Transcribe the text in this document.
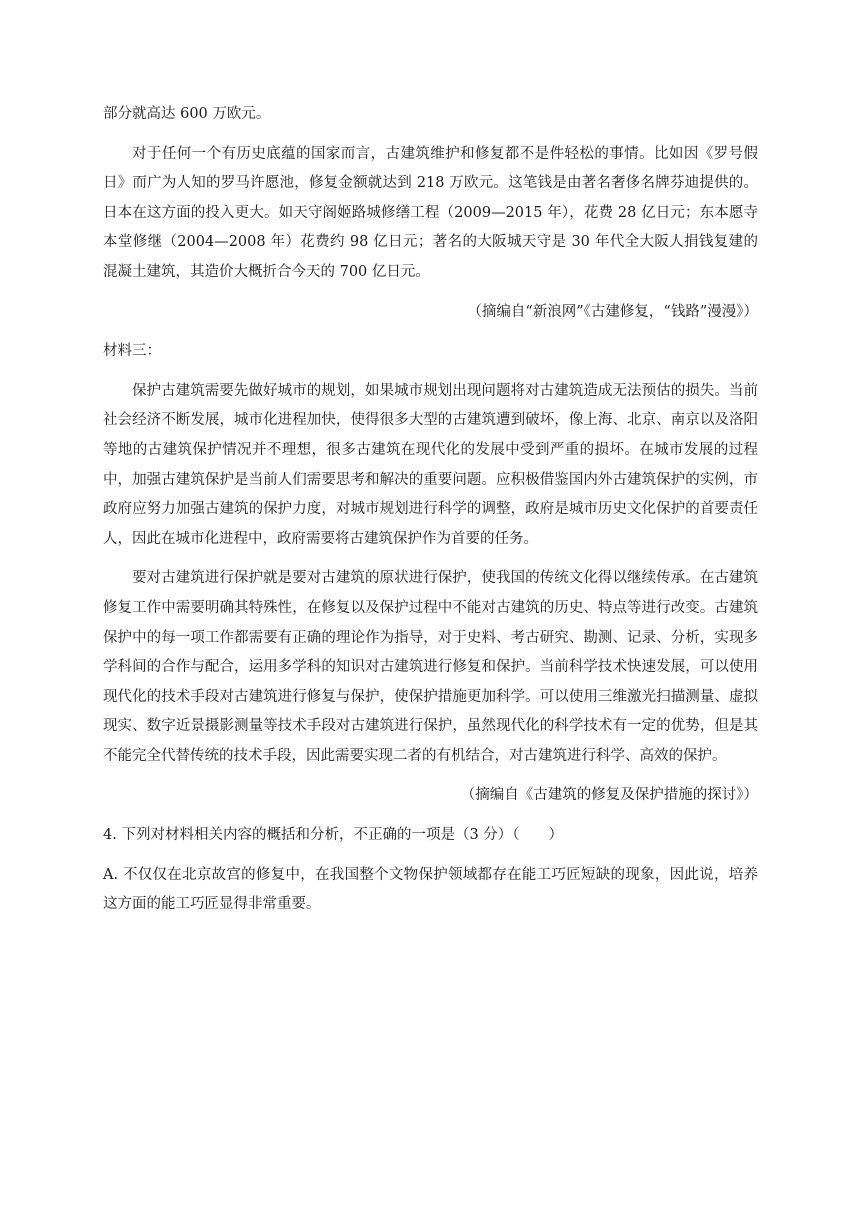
部分就高达 600 万欧元。

对于任何一个有历史底蕴的国家而言，古建筑维护和修复都不是件轻松的事情。比如因《罗号假日》而广为人知的罗马许愿池，修复金额就达到 218 万欧元。这笔钱是由著名奢侈名牌芬迪提供的。日本在这方面的投入更大。如天守阁姬路城修缮工程（2009—2015 年），花费 28 亿日元；东本愿寺本堂修继（2004—2008 年）花费约 98 亿日元；著名的大阪城天守是 30 年代全大阪人捐钱复建的混凝土建筑，其造价大概折合今天的 700 亿日元。

（摘编自“新浪网”《古建修复，“钱路”漫漫》）

材料三：

保护古建筑需要先做好城市的规划，如果城市规划出现问题将对古建筑造成无法预估的损失。当前社会经济不断发展，城市化进程加快，使得很多大型的古建筑遭到破坏，像上海、北京、南京以及洛阳等地的古建筑保护情况并不理想，很多古建筑在现代化的发展中受到严重的损坏。在城市发展的过程中，加强古建筑保护是当前人们需要思考和解决的重要问题。应积极借鉴国内外古建筑保护的实例，市政府应努力加强古建筑的保护力度，对城市规划进行科学的调整，政府是城市历史文化保护的首要责任人，因此在城市化进程中，政府需要将古建筑保护作为首要的任务。

要对古建筑进行保护就是要对古建筑的原状进行保护，使我国的传统文化得以继续传承。在古建筑修复工作中需要明确其特殊性，在修复以及保护过程中不能对古建筑的历史、特点等进行改变。古建筑保护中的每一项工作都需要有正确的理论作为指导，对于史料、考古研究、勘测、记录、分析，实现多学科间的合作与配合，运用多学科的知识对古建筑进行修复和保护。当前科学技术快速发展，可以使用现代化的技术手段对古建筑进行修复与保护，使保护措施更加科学。可以使用三维激光扫描测量、虚拟现实、数字近景摄影测量等技术手段对古建筑进行保护，虽然现代化的科学技术有一定的优势，但是其不能完全代替传统的技术手段，因此需要实现二者的有机结合，对古建筑进行科学、高效的保护。

（摘编自《古建筑的修复及保护措施的探讨》）

4. 下列对材料相关内容的概括和分析，不正确的一项是（3 分）（　　）

A. 不仅仅在北京故宫的修复中，在我国整个文物保护领域都存在能工巧匠短缺的现象，因此说，培养这方面的能工巧匠显得非常重要。
